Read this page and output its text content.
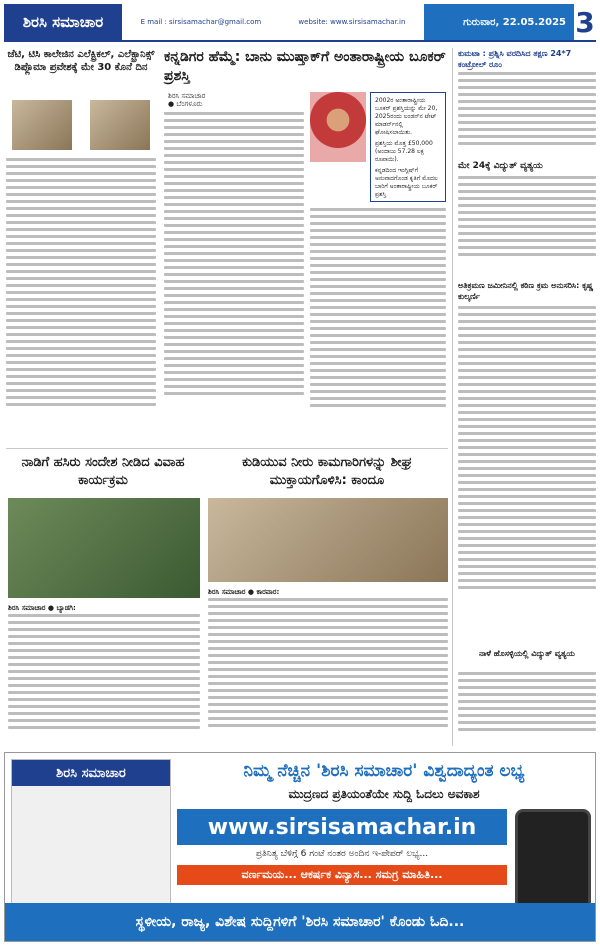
ಶಿರಸಿ ಸಮಾಚಾರ	E mail : sirsisamachar@gmail.com	website: www.sirsisamachar.in	ಗುರುವಾರ, 22.05.2025 3
ಜೆಟಿ, ಟಿಸಿ ಕಾಲೇಜಿನ ಎಲೆಕ್ಟ್ರಿಕಲ್, ಎಲೆಕ್ಟ್ರಾನಿಕ್ಸ್ ಡಿಪ್ಲೊಮಾ ಪ್ರವೇಶಕ್ಕೆ ಮೇ 30 ಕೊನೆ ದಿನ
ಕನ್ನಡಿಗರ ಹೆಮ್ಮೆ: ಬಾನು ಮುಷ್ತಾಕ್‌ಗೆ ಅಂತಾರಾಷ್ಟ್ರೀಯ ಬೂಕರ್ ಪ್ರಶಸ್ತಿ
ಶಿರಸಿ ಸಮಾಚಾರ
● ಬೆಂಗಳೂರು	2002ರ ಅಂತಾರಾಷ್ಟ್ರೀಯ ಬೂಕರ್ ಪ್ರಶಸ್ತಿಯನ್ನು ಮೇ 20, 2025ರಂದು ಲಂಡನ್‌ನ ಟೇಟ್ ಮಾಡರ್ನ್‌ನಲ್ಲಿ ಘೋಷಿಸಲಾಯಿತು.
ಪ್ರಶಸ್ತಿಯ ಮೊತ್ತ £50,000 (ಅಂದಾಜು 57.28 ಲಕ್ಷ ರೂಪಾಯಿ).
ಕನ್ನಡದಿಂದ ಇಂಗ್ಲಿಷ್‌ಗೆ ಅನುವಾದಗೊಂಡ ಕೃತಿಗೆ ಮೊದಲ ಬಾರಿಗೆ ಅಂತಾರಾಷ್ಟ್ರೀಯ ಬೂಕರ್ ಪ್ರಶಸ್ತಿ
ಕುಮಟಾ : ಪ್ರಶ್ನಿಸಿ ವರದಿಸಿದ ತಕ್ಷಣ 24*7 ಕಂಟ್ರೋಲ್ ರೂಂ
ಮೇ 24ಕ್ಕೆ ವಿದ್ಯುತ್ ವ್ಯತ್ಯಯ
ಅತಿಕ್ರಮಣ ಜಮೀನಿನಲ್ಲಿ ಕಠಿಣ ಕ್ರಮ ಅನುಸರಿಸಿ: ಕೃಷ್ಣ ಕುಲ್ಕರ್ಣಿ
ನಾಳೆ ಹೊಸಳ್ಳಿಯಲ್ಲಿ ವಿದ್ಯುತ್ ವ್ಯತ್ಯಯ
ನಾಡಿಗೆ ಹಸಿರು ಸಂದೇಶ ನೀಡಿದ ವಿವಾಹ ಕಾರ್ಯಕ್ರಮ
ಕುಡಿಯುವ ನೀರು ಕಾಮಗಾರಿಗಳನ್ನು ಶೀಘ್ರ ಮುಕ್ತಾಯಗೊಳಿಸಿ: ಕಾಂದೂ
ಶಿರಸಿ ಸಮಾಚಾರ ● ಬ್ಯಾಡಗಿ:
ಶಿರಸಿ ಸಮಾಚಾರ ● ಕಾರವಾರ:
ಶಿರಸಿ ಸಮಾಚಾರ	ನಿಮ್ಮ ನೆಚ್ಚಿನ 'ಶಿರಸಿ ಸಮಾಚಾರ' ವಿಶ್ವದಾದ್ಯಂತ ಲಭ್ಯ
ಮುದ್ರಣದ ಪ್ರತಿಯಂತೆಯೇ ಸುದ್ದಿ ಓದಲು ಅವಕಾಶ
www.sirsisamachar.in
ಪ್ರತಿನಿತ್ಯ ಬೆಳಿಗ್ಗೆ 6 ಗಂಟೆ ನಂತರ ಅಂದಿನ ಇ-ಪೇಪರ್ ಲಭ್ಯ...
ವರ್ಣಮಯ... ಆಕರ್ಷಕ ವಿನ್ಯಾಸ... ಸಮಗ್ರ ಮಾಹಿತಿ...
ಸ್ಥಳೀಯ, ರಾಜ್ಯ, ವಿಶೇಷ ಸುದ್ದಿಗಳಿಗೆ 'ಶಿರಸಿ ಸಮಾಚಾರ' ಕೊಂಡು ಓದಿ...
